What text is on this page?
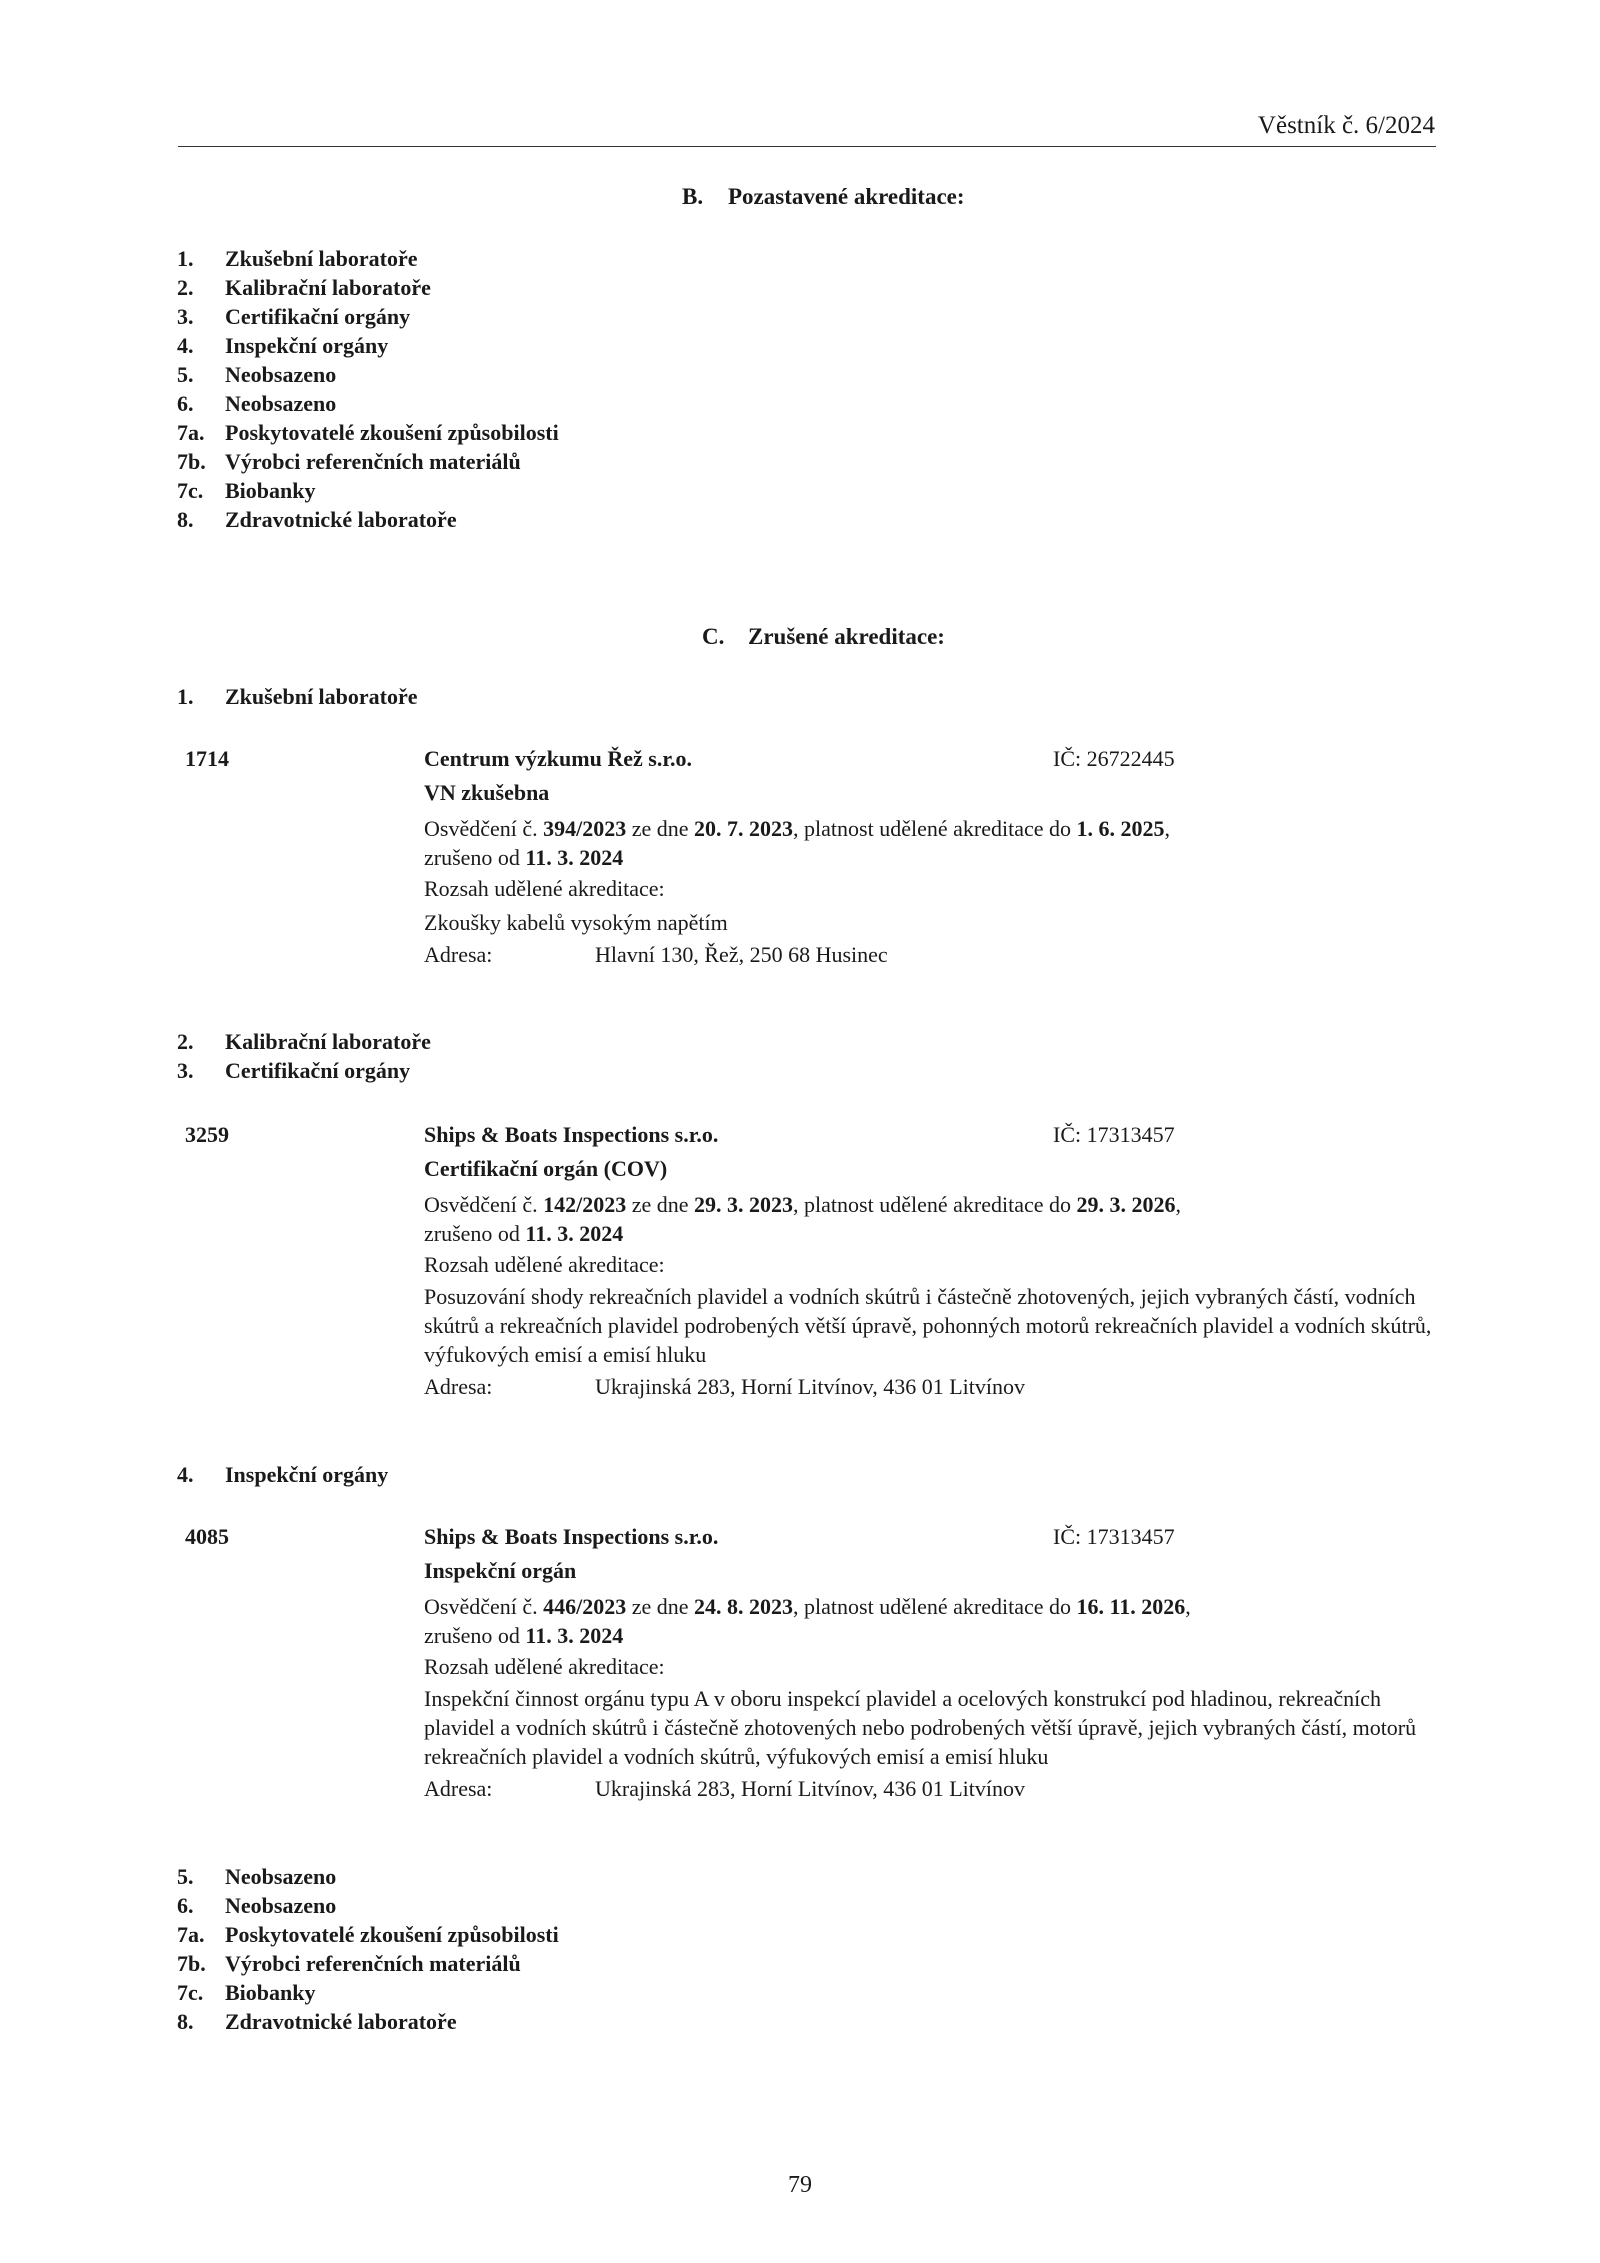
Věstník č. 6/2024
B. Pozastavené akreditace:
1. Zkušební laboratoře
2. Kalibrační laboratoře
3. Certifikační orgány
4. Inspekční orgány
5. Neobsazeno
6. Neobsazeno
7a. Poskytovatelé zkoušení způsobilosti
7b. Výrobci referenčních materiálů
7c. Biobanky
8. Zdravotnické laboratoře
C. Zrušené akreditace:
1. Zkušební laboratoře
1714	Centrum výzkumu Řež s.r.o.	IČ: 26722445
VN zkušebna
Osvědčení č. 394/2023 ze dne 20. 7. 2023, platnost udělené akreditace do 1. 6. 2025,
zrušeno od 11. 3. 2024
Rozsah udělené akreditace:
Zkoušky kabelů vysokým napětím
Adresa:	Hlavní 130, Řež, 250 68 Husinec
2. Kalibrační laboratoře
3. Certifikační orgány
3259	Ships & Boats Inspections s.r.o.	IČ: 17313457
Certifikační orgán (COV)
Osvědčení č. 142/2023 ze dne 29. 3. 2023, platnost udělené akreditace do 29. 3. 2026,
zrušeno od 11. 3. 2024
Rozsah udělené akreditace:
Posuzování shody rekreačních plavidel a vodních skútrů i částečně zhotovených, jejich vybraných částí, vodních skútrů a rekreačních plavidel podrobených větší úpravě, pohonných motorů rekreačních plavidel a vodních skútrů, výfukových emisí a emisí hluku
Adresa:	Ukrajinská 283, Horní Litvínov, 436 01 Litvínov
4. Inspekční orgány
4085	Ships & Boats Inspections s.r.o.	IČ: 17313457
Inspekční orgán
Osvědčení č. 446/2023 ze dne 24. 8. 2023, platnost udělené akreditace do 16. 11. 2026,
zrušeno od 11. 3. 2024
Rozsah udělené akreditace:
Inspekční činnost orgánu typu A v oboru inspekcí plavidel a ocelových konstrukcí pod hladinou, rekreačních plavidel a vodních skútrů i částečně zhotovených nebo podrobených větší úpravě, jejich vybraných částí, motorů rekreačních plavidel a vodních skútrů, výfukových emisí a emisí hluku
Adresa:	Ukrajinská 283, Horní Litvínov, 436 01 Litvínov
5. Neobsazeno
6. Neobsazeno
7a. Poskytovatelé zkoušení způsobilosti
7b. Výrobci referenčních materiálů
7c. Biobanky
8. Zdravotnické laboratoře
79
